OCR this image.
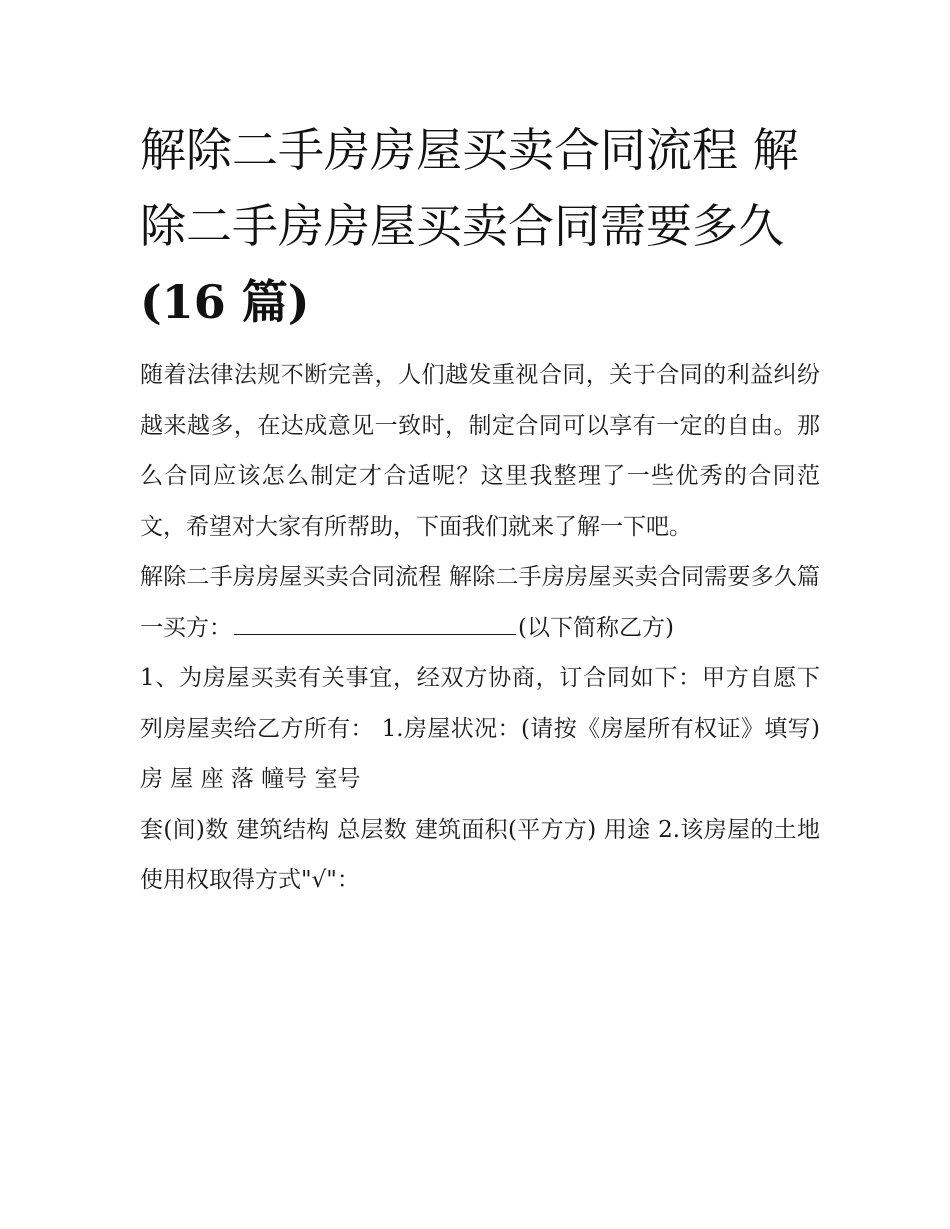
解除二手房房屋买卖合同流程 解除二手房房屋买卖合同需要多久(16 篇)

随着法律法规不断完善，人们越发重视合同，关于合同的利益纠纷越来越多，在达成意见一致时，制定合同可以享有一定的自由。那么合同应该怎么制定才合适呢？这里我整理了一些优秀的合同范文，希望对大家有所帮助，下面我们就来了解一下吧。

解除二手房房屋买卖合同流程 解除二手房房屋买卖合同需要多久篇一买方：	(以下简称乙方)

1、为房屋买卖有关事宜，经双方协商，订合同如下：甲方自愿下列房屋卖给乙方所有： 1.房屋状况：(请按《房屋所有权证》填写) 房 屋 座 落 幢号 室号

套(间)数 建筑结构 总层数 建筑面积(平方方) 用途 2.该房屋的土地使用权取得方式"√"：
